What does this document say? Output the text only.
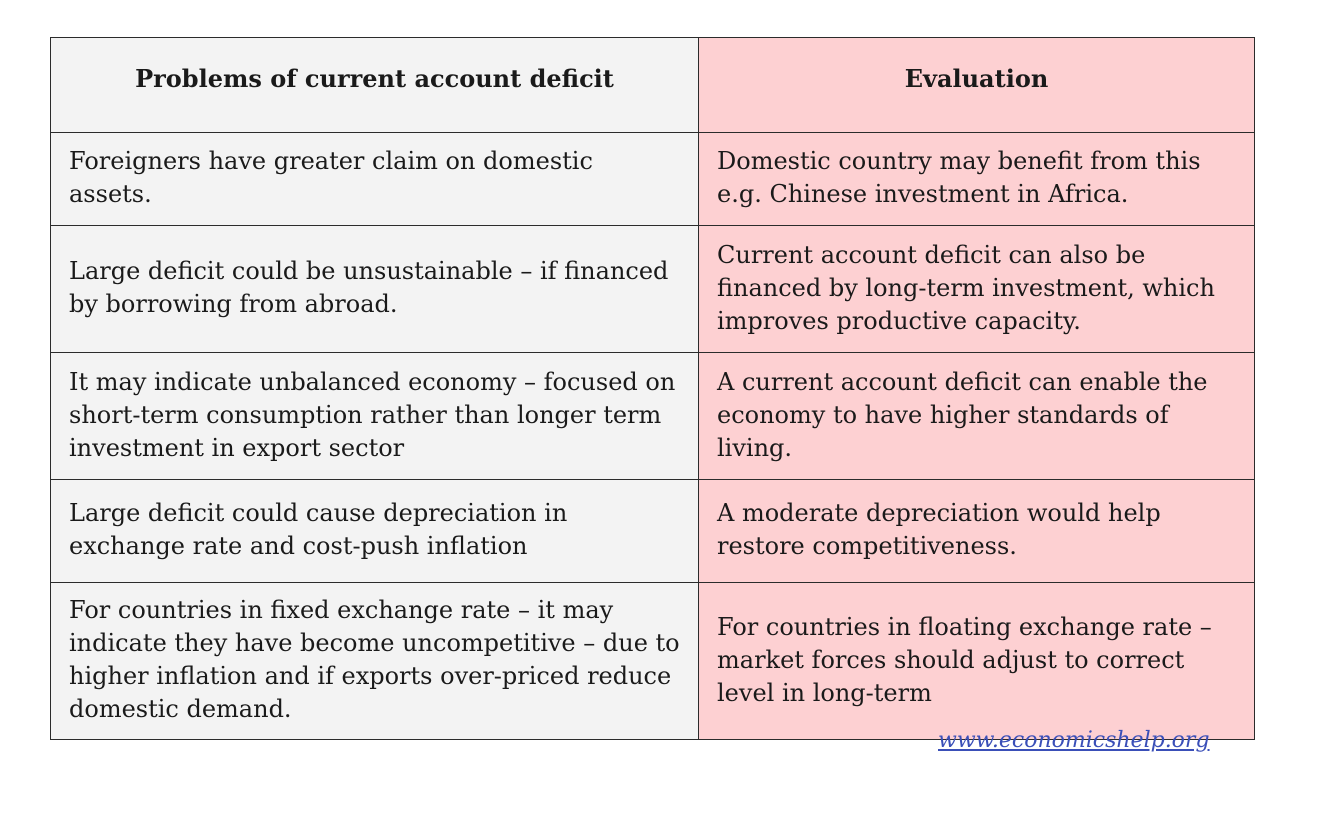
Problems of current account deficit	Evaluation
Foreigners have greater claim on domestic assets.	Domestic country may benefit from this e.g. Chinese investment in Africa.
Large deficit could be unsustainable – if financed by borrowing from abroad.	Current account deficit can also be financed by long-term investment, which improves productive capacity.
It may indicate unbalanced economy – focused on short-term consumption rather than longer term investment in export sector	A current account deficit can enable the economy to have higher standards of living.
Large deficit could cause depreciation in exchange rate and cost-push inflation	A moderate depreciation would help restore competitiveness.
For countries in fixed exchange rate – it may indicate they have become uncompetitive – due to higher inflation and if exports over-priced reduce domestic demand.	For countries in floating exchange rate – market forces should adjust to correct level in long-term
www.economicshelp.org
